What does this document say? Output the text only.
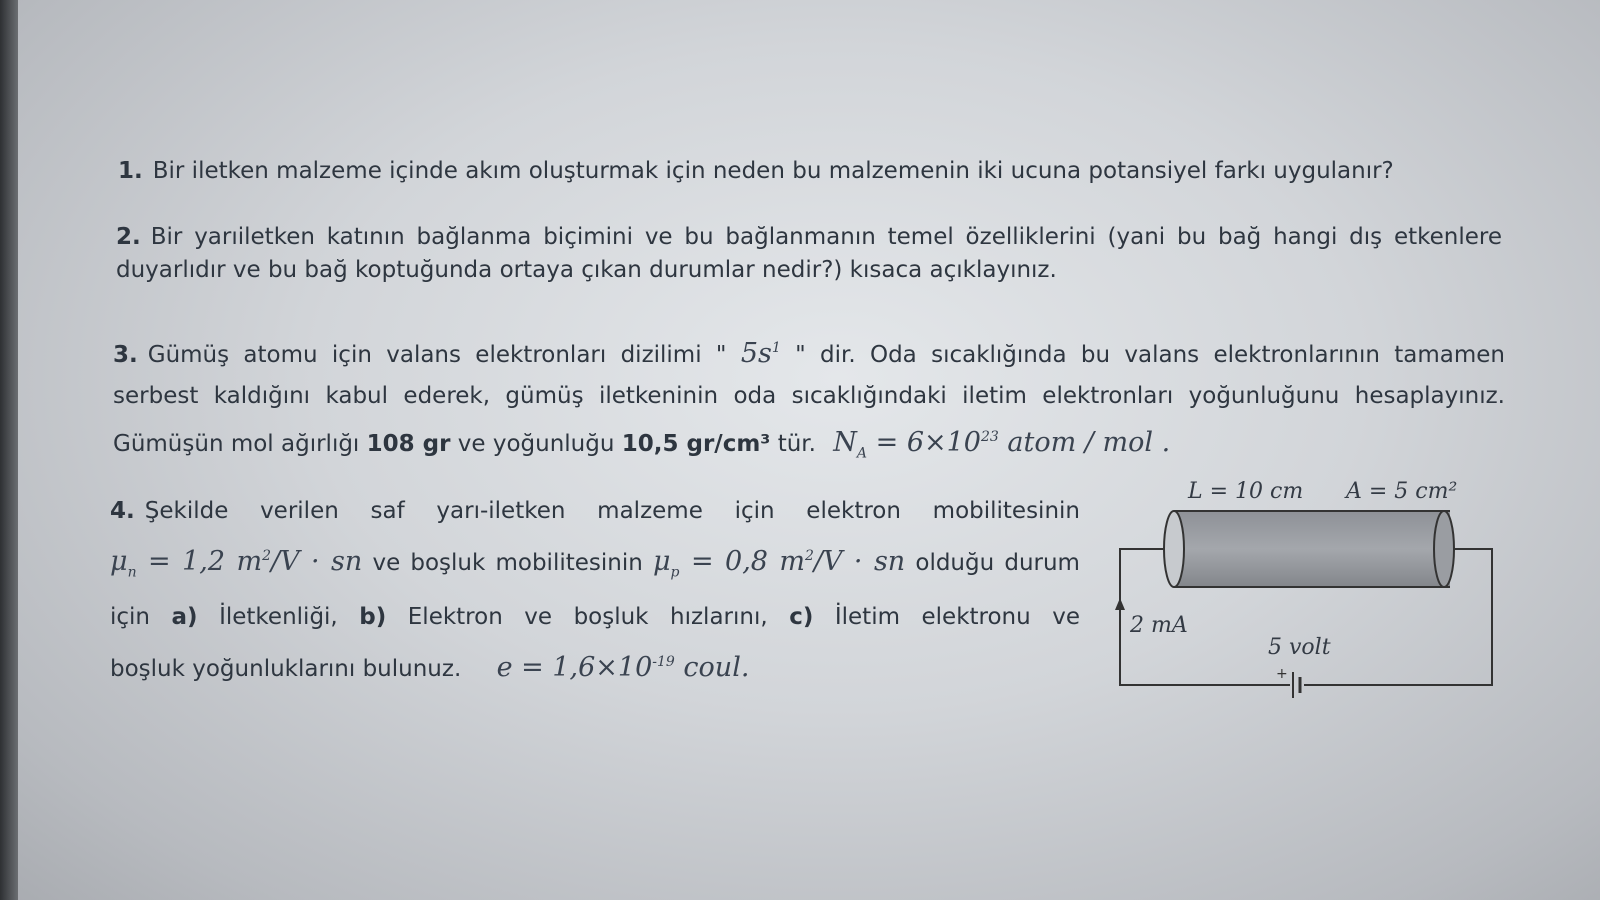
1. Bir iletken malzeme içinde akım oluşturmak için neden bu malzemenin iki ucuna potansiyel farkı uygulanır?
2. Bir yarıiletken katının bağlanma biçimini ve bu bağlanmanın temel özelliklerini (yani bu bağ hangi dış etkenlere
duyarlıdır ve bu bağ koptuğunda ortaya çıkan durumlar nedir?) kısaca açıklayınız.
3. Gümüş atomu için valans elektronları dizilimi " $5s^1$ " dir. Oda sıcaklığında bu valans elektronlarının tamamen
serbest kaldığını kabul ederek, gümüş iletkeninin oda sıcaklığındaki iletim elektronları yoğunluğunu hesaplayınız.
Gümüşün mol ağırlığı 108 gr ve yoğunluğu 10,5 gr/cm³ tür. $N_A = 6\times 10^{23}$ atom / mol .
4. Şekilde verilen saf yarı-iletken malzeme için elektron mobilitesinin
$\mu_n = 1,2$ $m^2/V$ · sn ve boşluk mobilitesinin $\mu_p = 0,8$ $m^2/V$ · sn olduğu durum
için a) İletkenliği, b) Elektron ve boşluk hızlarını, c) İletim elektronu ve
boşluk yoğunluklarını bulunuz. $e = 1,6\times 10^{-19}$ coul.
L = 10 cm A = 5 cm²
2 mA
5 volt
+
